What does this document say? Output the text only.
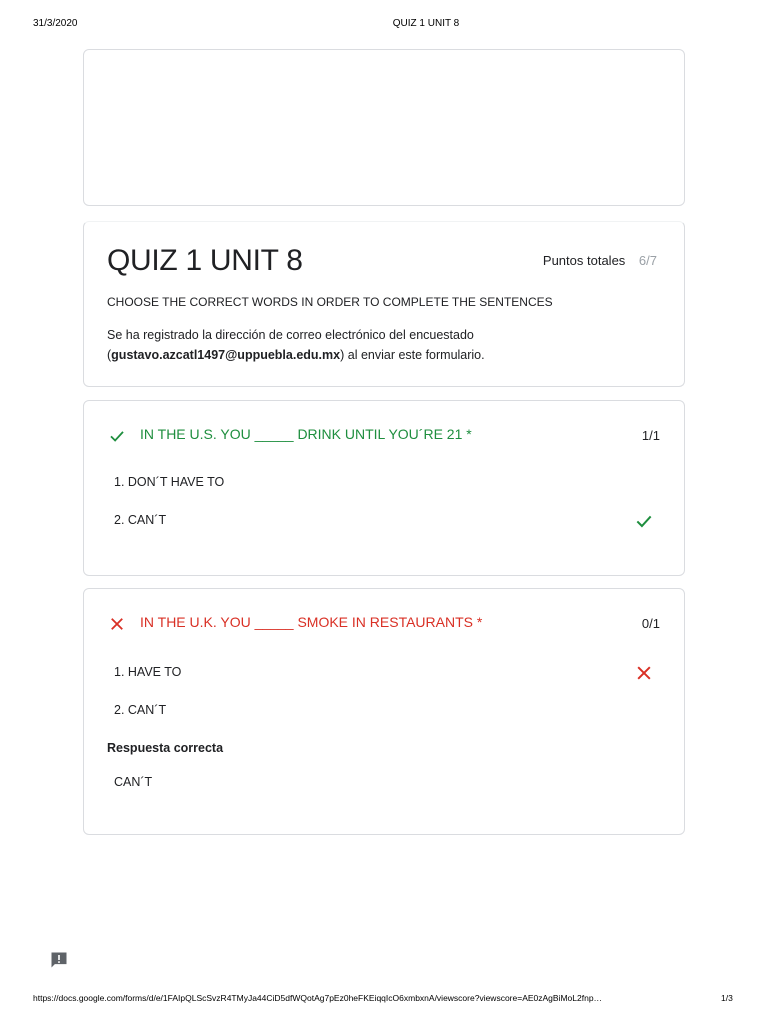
31/3/2020	QUIZ 1 UNIT 8
QUIZ 1 UNIT 8	Puntos totales 6/7
CHOOSE THE CORRECT WORDS IN ORDER TO COMPLETE THE SENTENCES
Se ha registrado la dirección de correo electrónico del encuestado (gustavo.azcatl1497@uppuebla.edu.mx) al enviar este formulario.
IN THE U.S. YOU _____ DRINK UNTIL YOU´RE 21 *	1/1
1. DON´T HAVE TO
2. CAN´T
IN THE U.K. YOU _____ SMOKE IN RESTAURANTS *	0/1
1. HAVE TO
2. CAN´T
Respuesta correcta
CAN´T
https://docs.google.com/forms/d/e/1FAIpQLScSvzR4TMyJa44CiD5dfWQotAg7pEz0heFKEiqqIcO6xmbxnA/viewscore?viewscore=AE0zAgBiMoL2fnp…	1/3
